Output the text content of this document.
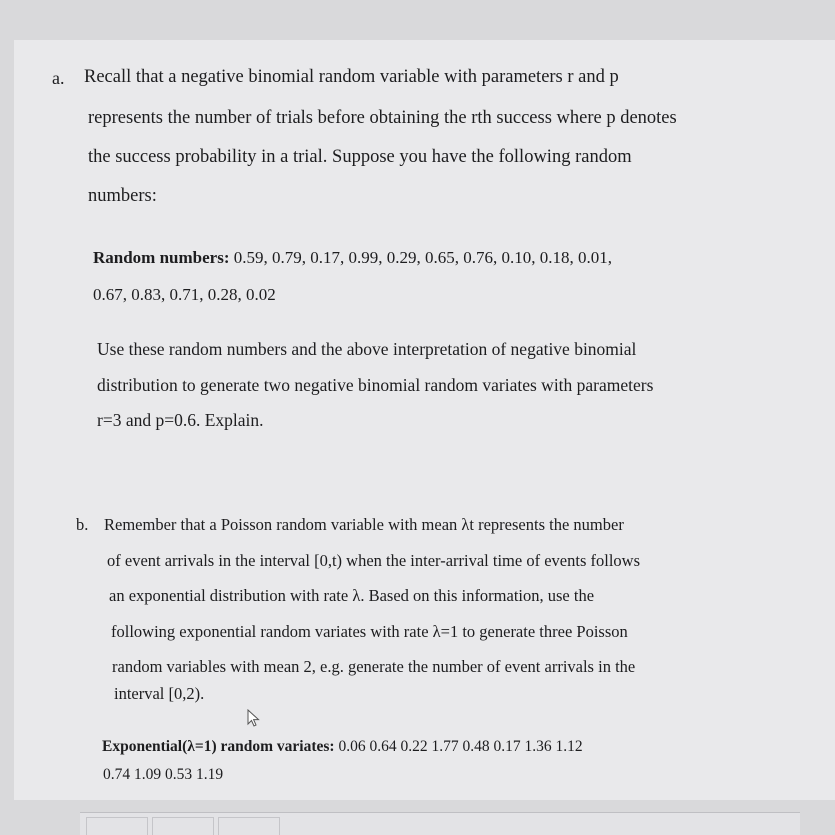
a. Recall that a negative binomial random variable with parameters r and p
represents the number of trials before obtaining the rth success where p denotes
the success probability in a trial. Suppose you have the following random
numbers:
Random numbers: 0.59, 0.79, 0.17, 0.99, 0.29, 0.65, 0.76, 0.10, 0.18, 0.01,
0.67, 0.83, 0.71, 0.28, 0.02
Use these random numbers and the above interpretation of negative binomial
distribution to generate two negative binomial random variates with parameters
r=3 and p=0.6. Explain.
b. Remember that a Poisson random variable with mean λt represents the number
of event arrivals in the interval [0,t) when the inter-arrival time of events follows
an exponential distribution with rate λ. Based on this information, use the
following exponential random variates with rate λ=1 to generate three Poisson
random variables with mean 2, e.g. generate the number of event arrivals in the
interval [0,2).
Exponential(λ=1) random variates: 0.06 0.64 0.22 1.77 0.48 0.17 1.36 1.12
0.74 1.09 0.53 1.19
